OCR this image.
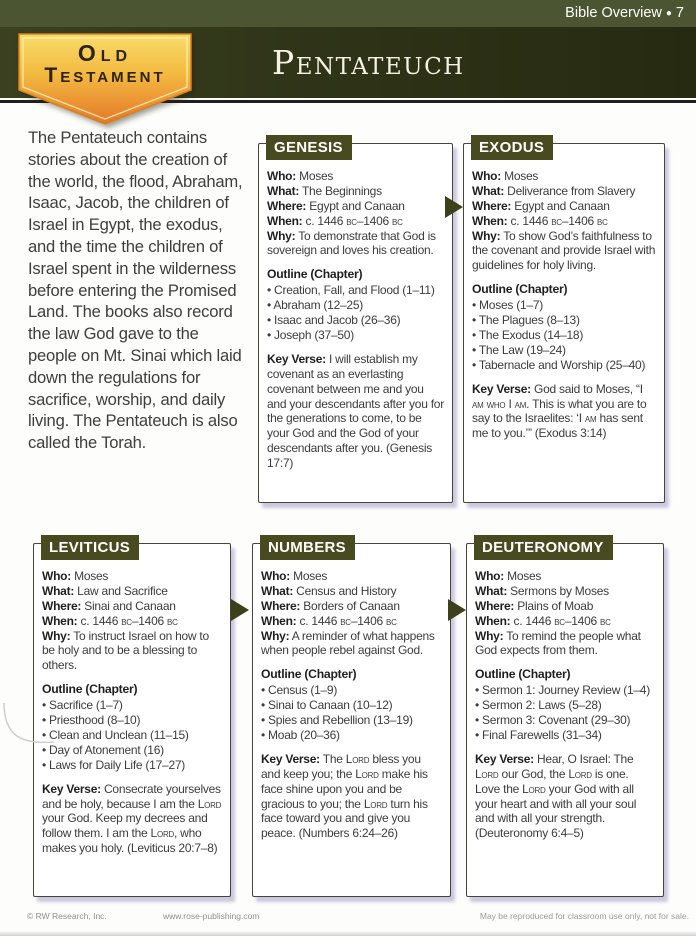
Bible Overview ● 7
Pentateuch
Old
Testament

The Pentateuch contains stories about the creation of the world, the flood, Abraham, Isaac, Jacob, the children of Israel in Egypt, the exodus, and the time the children of Israel spent in the wilderness before entering the Promised Land. The books also record the law God gave to the people on Mt. Sinai which laid down the regulations for sacrifice, worship, and daily living. The Pentateuch is also called the Torah.

GENESIS
Who: Moses
What: The Beginnings
Where: Egypt and Canaan
When: c. 1446 bc–1406 bc
Why: To demonstrate that God is sovereign and loves his creation.
Outline (Chapter)
• Creation, Fall, and Flood (1–11)
• Abraham (12–25)
• Isaac and Jacob (26–36)
• Joseph (37–50)

Key Verse: I will establish my covenant as an everlasting covenant between me and you and your descendants after you for the generations to come, to be your God and the God of your descendants after you. (Genesis 17:7)

EXODUS
Who: Moses
What: Deliverance from Slavery
Where: Egypt and Canaan
When: c. 1446 bc–1406 bc
Why: To show God’s faithfulness to the covenant and provide Israel with guidelines for holy living.
Outline (Chapter)
• Moses (1–7)
• The Plagues (8–13)
• The Exodus (14–18)
• The Law (19–24)
• Tabernacle and Worship (25–40)

Key Verse: God said to Moses, “I am who I am. This is what you are to say to the Israelites: ‘I am has sent me to you.’” (Exodus 3:14)

LEVITICUS
Who: Moses
What: Law and Sacrifice
Where: Sinai and Canaan
When: c. 1446 bc–1406 bc
Why: To instruct Israel on how to be holy and to be a blessing to others.
Outline (Chapter)
• Sacrifice (1–7)
• Priesthood (8–10)
• Clean and Unclean (11–15)
• Day of Atonement (16)
• Laws for Daily Life (17–27)

Key Verse: Consecrate yourselves and be holy, because I am the Lord your God. Keep my decrees and follow them. I am the Lord, who makes you holy. (Leviticus 20:7–8)

NUMBERS
Who: Moses
What: Census and History
Where: Borders of Canaan
When: c. 1446 bc–1406 bc
Why: A reminder of what happens when people rebel against God.
Outline (Chapter)
• Census (1–9)
• Sinai to Canaan (10–12)
• Spies and Rebellion (13–19)
• Moab (20–36)

Key Verse: The Lord bless you and keep you; the Lord make his face shine upon you and be gracious to you; the Lord turn his face toward you and give you peace. (Numbers 6:24–26)

DEUTERONOMY
Who: Moses
What: Sermons by Moses
Where: Plains of Moab
When: c. 1446 bc–1406 bc
Why: To remind the people what God expects from them.
Outline (Chapter)
• Sermon 1: Journey Review (1–4)
• Sermon 2: Laws (5–28)
• Sermon 3: Covenant (29–30)
• Final Farewells (31–34)

Key Verse: Hear, O Israel: The Lord our God, the Lord is one. Love the Lord your God with all your heart and with all your soul and with all your strength. (Deuteronomy 6:4–5)

© RW Research, Inc.	www.rose-publishing.com	May be reproduced for classroom use only, not for sale.
